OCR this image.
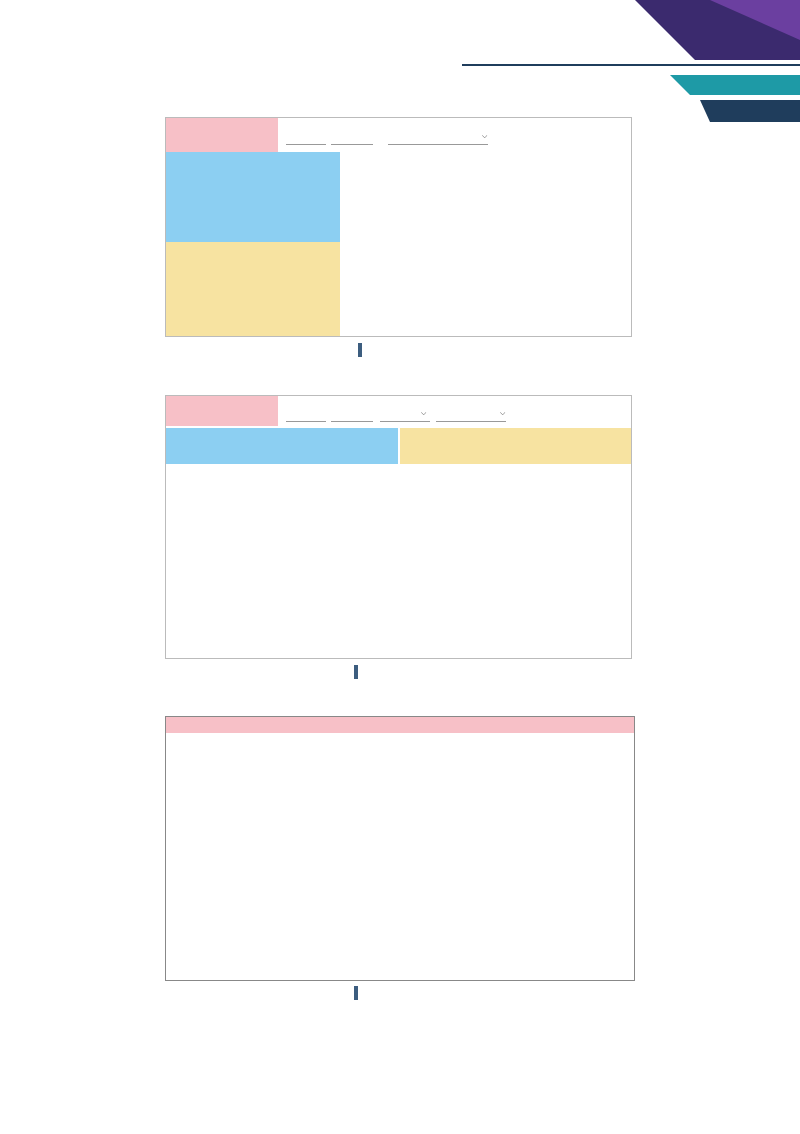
⌵
⌵	⌵
